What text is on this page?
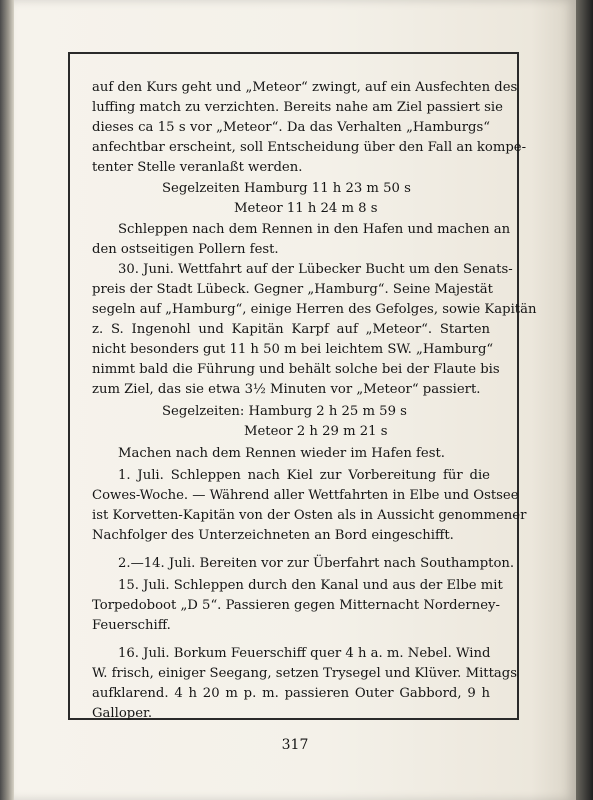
auf den Kurs geht und „Meteor“ zwingt, auf ein Ausfechten des
luffing match zu verzichten. Bereits nahe am Ziel passiert sie
dieses ca 15 s vor „Meteor“. Da das Verhalten „Hamburgs“
anfechtbar erscheint, soll Entscheidung über den Fall an kompe-
tenter Stelle veranlaßt werden.
Segelzeiten Hamburg 11 h 23 m 50 s
Meteor 11 h 24 m 8 s
Schleppen nach dem Rennen in den Hafen und machen an
den ostseitigen Pollern fest.
30. Juni. Wettfahrt auf der Lübecker Bucht um den Senats-
preis der Stadt Lübeck. Gegner „Hamburg“. Seine Majestät
segeln auf „Hamburg“, einige Herren des Gefolges, sowie Kapitän
z. S. Ingenohl und Kapitän Karpf auf „Meteor“. Starten
nicht besonders gut 11 h 50 m bei leichtem SW. „Hamburg“
nimmt bald die Führung und behält solche bei der Flaute bis
zum Ziel, das sie etwa 3½ Minuten vor „Meteor“ passiert.
Segelzeiten: Hamburg 2 h 25 m 59 s
Meteor 2 h 29 m 21 s
Machen nach dem Rennen wieder im Hafen fest.
1. Juli. Schleppen nach Kiel zur Vorbereitung für die
Cowes-Woche. — Während aller Wettfahrten in Elbe und Ostsee
ist Korvetten-Kapitän von der Osten als in Aussicht genommener
Nachfolger des Unterzeichneten an Bord eingeschifft.
2.—14. Juli. Bereiten vor zur Überfahrt nach Southampton.
15. Juli. Schleppen durch den Kanal und aus der Elbe mit
Torpedoboot „D 5“. Passieren gegen Mitternacht Norderney-
Feuerschiff.
16. Juli. Borkum Feuerschiff quer 4 h a. m. Nebel. Wind
W. frisch, einiger Seegang, setzen Trysegel und Klüver. Mittags
aufklarend. 4 h 20 m p. m. passieren Outer Gabbord, 9 h
Galloper.
317
